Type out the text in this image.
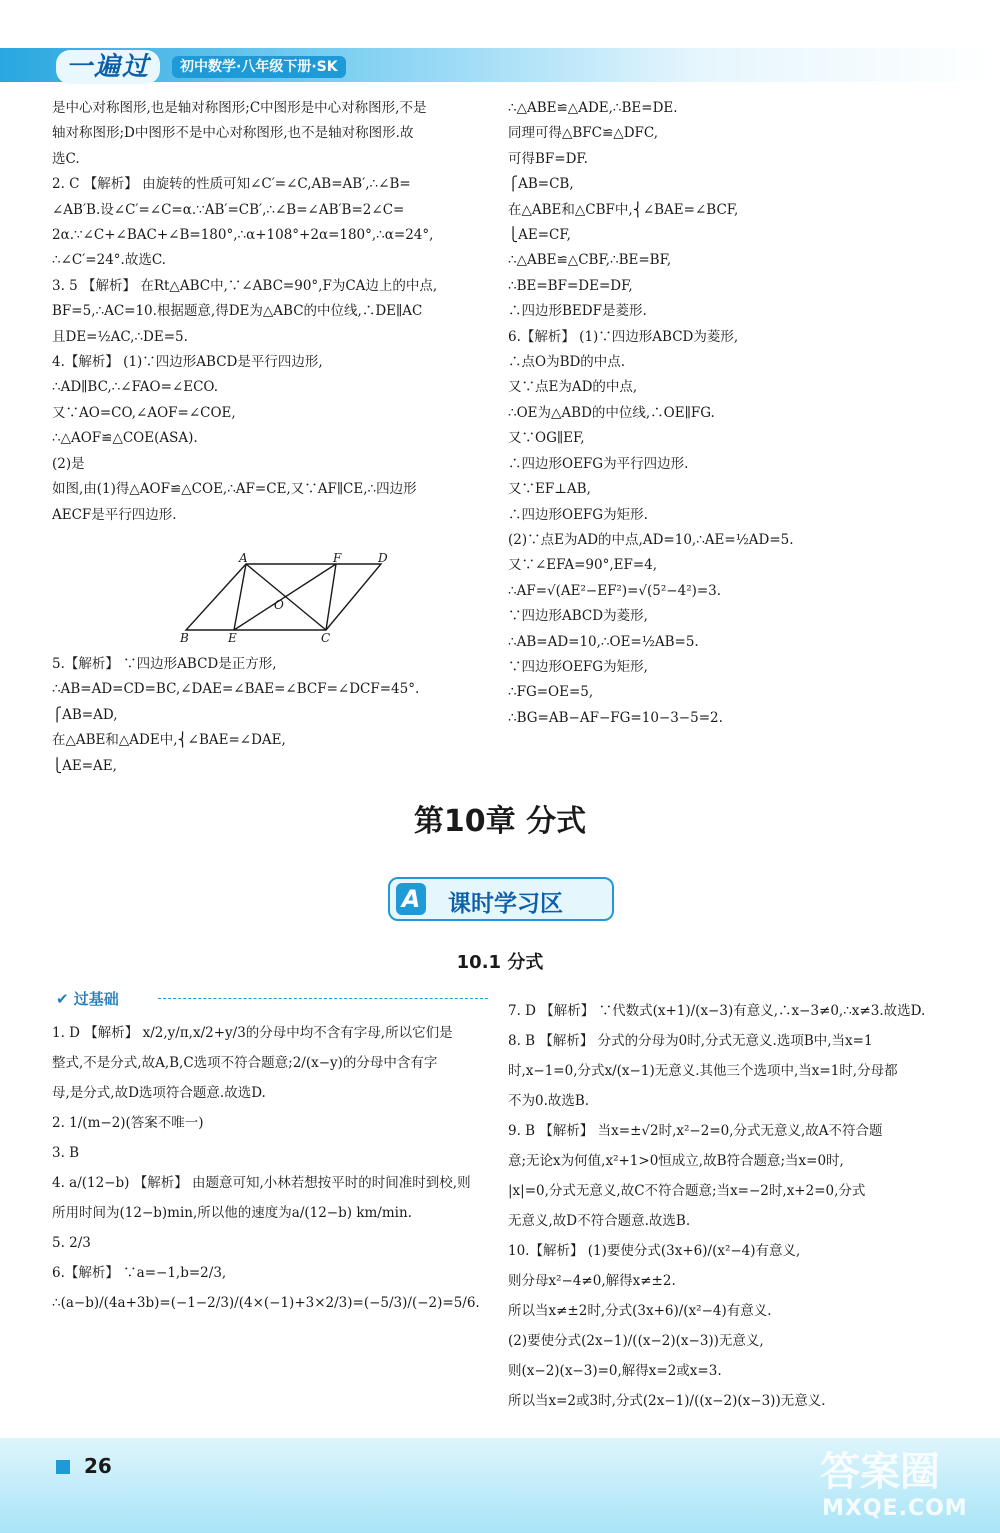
一遍过	初中数学·八年级下册·SK
是中心对称图形,也是轴对称图形;C中图形是中心对称图形,不是
轴对称图形;D中图形不是中心对称图形,也不是轴对称图形.故
选C.
2. C 【解析】 由旋转的性质可知∠C′=∠C,AB=AB′,∴∠B=
∠AB′B.设∠C′=∠C=α.∵AB′=CB′,∴∠B=∠AB′B=2∠C=
2α.∵∠C+∠BAC+∠B=180°,∴α+108°+2α=180°,∴α=24°,
∴∠C′=24°.故选C.
3. 5 【解析】 在Rt△ABC中,∵∠ABC=90°,F为CA边上的中点,
BF=5,∴AC=10.根据题意,得DE为△ABC的中位线,∴DE∥AC
且DE=½AC,∴DE=5.
4.【解析】 (1)∵四边形ABCD是平行四边形,
∴AD∥BC,∴∠FAO=∠ECO.
又∵AO=CO,∠AOF=∠COE,
∴△AOF≌△COE(ASA).
(2)是
如图,由(1)得△AOF≌△COE,∴AF=CE,又∵AF∥CE,∴四边形
AECF是平行四边形.
A	F	D
O
B	E	C
5.【解析】 ∵四边形ABCD是正方形,
∴AB=AD=CD=BC,∠DAE=∠BAE=∠BCF=∠DCF=45°.
⎧AB=AD,
在△ABE和△ADE中,⎨∠BAE=∠DAE,
⎩AE=AE,
∴△ABE≌△ADE,∴BE=DE.
同理可得△BFC≌△DFC,
可得BF=DF.
⎧AB=CB,
在△ABE和△CBF中,⎨∠BAE=∠BCF,
⎩AE=CF,
∴△ABE≌△CBF,∴BE=BF,
∴BE=BF=DE=DF,
∴四边形BEDF是菱形.
6.【解析】 (1)∵四边形ABCD为菱形,
∴点O为BD的中点.
又∵点E为AD的中点,
∴OE为△ABD的中位线,∴OE∥FG.
又∵OG∥EF,
∴四边形OEFG为平行四边形.
又∵EF⊥AB,
∴四边形OEFG为矩形.
(2)∵点E为AD的中点,AD=10,∴AE=½AD=5.
又∵∠EFA=90°,EF=4,
∴AF=√(AE²−EF²)=√(5²−4²)=3.
∵四边形ABCD为菱形,
∴AB=AD=10,∴OE=½AB=5.
∵四边形OEFG为矩形,
∴FG=OE=5,
∴BG=AB−AF−FG=10−3−5=2.
第10章 分式
A 课时学习区
10.1 分式
✔ 过基础
1. D 【解析】 x/2,y/π,x/2+y/3的分母中均不含有字母,所以它们是
整式,不是分式,故A,B,C选项不符合题意;2/(x−y)的分母中含有字
母,是分式,故D选项符合题意.故选D.
2. 1/(m−2)(答案不唯一)
3. B
4. a/(12−b) 【解析】 由题意可知,小林若想按平时的时间准时到校,则
所用时间为(12−b)min,所以他的速度为a/(12−b) km/min.
5. 2/3
6.【解析】 ∵a=−1,b=2/3,
∴(a−b)/(4a+3b)=(−1−2/3)/(4×(−1)+3×2/3)=(−5/3)/(−2)=5/6.
7. D 【解析】 ∵代数式(x+1)/(x−3)有意义,∴x−3≠0,∴x≠3.故选D.
8. B 【解析】 分式的分母为0时,分式无意义.选项B中,当x=1
时,x−1=0,分式x/(x−1)无意义.其他三个选项中,当x=1时,分母都
不为0.故选B.
9. B 【解析】 当x=±√2时,x²−2=0,分式无意义,故A不符合题
意;无论x为何值,x²+1>0恒成立,故B符合题意;当x=0时,
|x|=0,分式无意义,故C不符合题意;当x=−2时,x+2=0,分式
无意义,故D不符合题意.故选B.
10.【解析】 (1)要使分式(3x+6)/(x²−4)有意义,
则分母x²−4≠0,解得x≠±2.
所以当x≠±2时,分式(3x+6)/(x²−4)有意义.
(2)要使分式(2x−1)/((x−2)(x−3))无意义,
则(x−2)(x−3)=0,解得x=2或x=3.
所以当x=2或3时,分式(2x−1)/((x−2)(x−3))无意义.
26	答案圈
MXQE.COM
